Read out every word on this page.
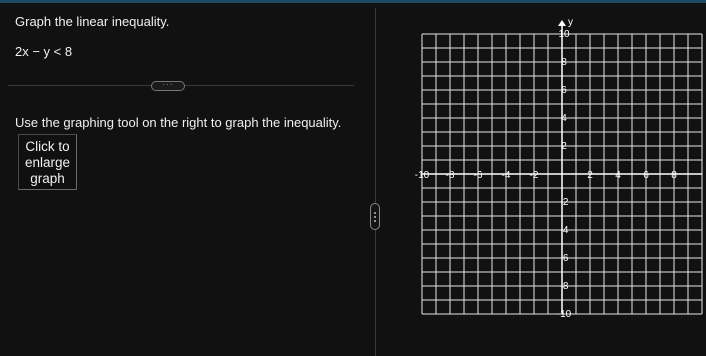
Graph the linear inequality.
2x − y < 8
···
Use the graphing tool on the right to graph the inequality.
Click to
enlarge
graph
y
-10 -8 -6 -4 -2	2 4 6 8
10
8
6
4
2
-2
-4
-6
-8
-10
